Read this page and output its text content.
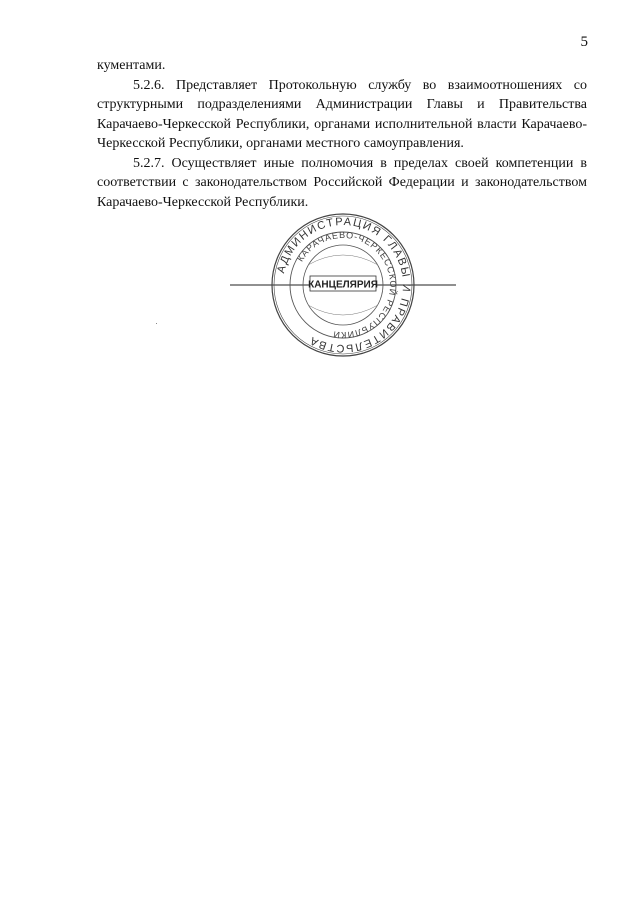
5

кументами.

5.2.6. Представляет Протокольную службу во взаимоотношениях со структурными подразделениями Администрации Главы и Правительства Карачаево-Черкесской Республики, органами исполнительной власти Карачаево-Черкесской Республики, органами местного самоуправления.

5.2.7. Осуществляет иные полномочия в пределах своей компетенции в соответствии с законодательством Российской Федерации и законодательством Карачаево-Черкесской Республики.

АДМИНИСТРАЦИЯ ГЛАВЫ И ПРАВИТЕЛЬСТВА
КАРАЧАЕВО-ЧЕРКЕССКОЙ РЕСПУБЛИКИ
КАНЦЕЛЯРИЯ
